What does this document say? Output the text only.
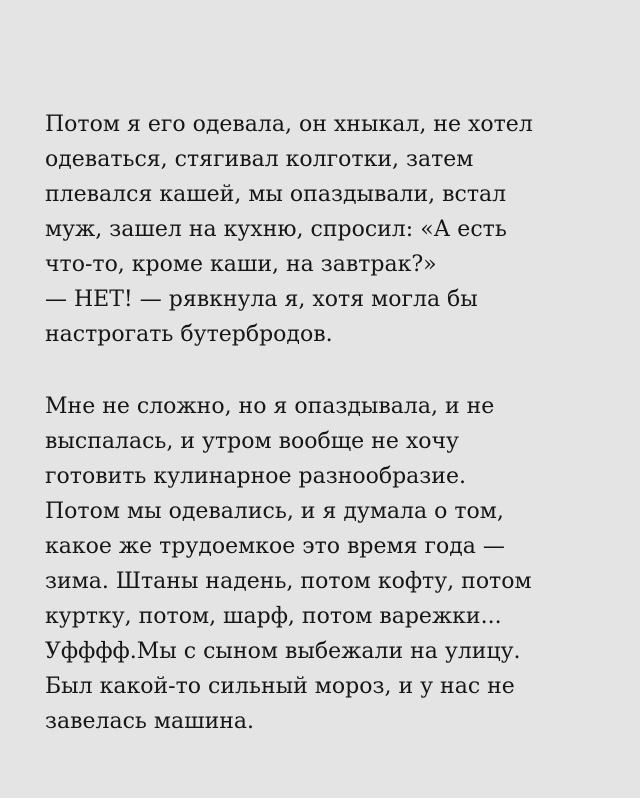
Потом я его одевала, он хныкал, не хотел
одеваться, стягивал колготки, затем
плевался кашей, мы опаздывали, встал
муж, зашел на кухню, спросил: «А есть
что-то, кроме каши, на завтрак?»
— НЕТ! — рявкнула я, хотя могла бы
настрогать бутербродов.

Мне не сложно, но я опаздывала, и не
выспалась, и утром вообще не хочу
готовить кулинарное разнообразие.
Потом мы одевались, и я думала о том,
какое же трудоемкое это время года —
зима. Штаны надень, потом кофту, потом
куртку, потом, шарф, потом варежки...
Уфффф.Мы с сыном выбежали на улицу.
Был какой-то сильный мороз, и у нас не
завелась машина.
